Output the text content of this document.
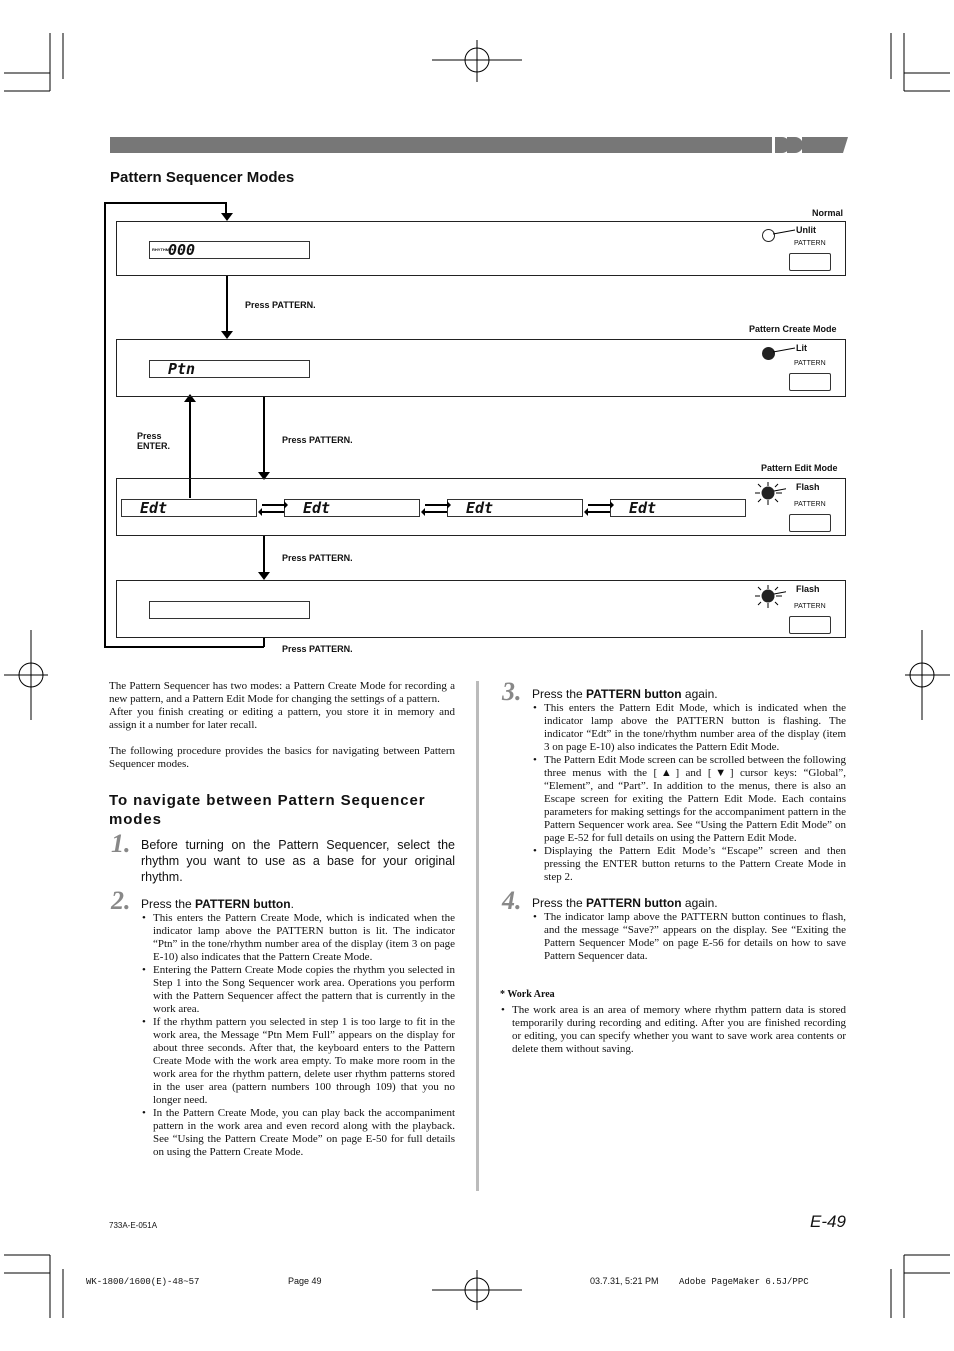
Pattern Sequencer Modes
Normal
RHYTHM
000
Unlit
PATTERN
Press PATTERN.
Pattern Create Mode
Ptn
Lit
PATTERN
Press
ENTER.
Press PATTERN.
Pattern Edit Mode
Edt	Edt	Edt	Edt
Flash
PATTERN
Press PATTERN.
Flash
PATTERN
Press PATTERN.

The Pattern Sequencer has two modes: a Pattern Create Mode for recording a new pattern, and a Pattern Edit Mode for changing the settings of a pattern.

After you finish creating or editing a pattern, you store it in memory and assign it a number for later recall.

The following procedure provides the basics for navigating between Pattern Sequencer modes.

To navigate between Pattern Sequencer modes
1. Before turning on the Pattern Sequencer, select the rhythm you want to use as a base for your original rhythm.

2. Press the PATTERN button.
• This enters the Pattern Create Mode, which is indicated when the indicator lamp above the PATTERN button is lit. The indicator “Ptn” in the tone/rhythm number area of the display (item 3 on page E-10) also indicates that the Pattern Create Mode.
• Entering the Pattern Create Mode copies the rhythm you selected in Step 1 into the Song Sequencer work area. Operations you perform with the Pattern Sequencer affect the pattern that is currently in the work area.
• If the rhythm pattern you selected in step 1 is too large to fit in the work area, the Message “Ptn Mem Full” appears on the display for about three seconds. After that, the keyboard enters to the Pattern Create Mode with the work area empty. To make more room in the work area for the rhythm pattern, delete user rhythm patterns stored in the user area (pattern numbers 100 through 109) that you no longer need.
• In the Pattern Create Mode, you can play back the accompaniment pattern in the work area and even record along with the playback. See “Using the Pattern Create Mode” on page E-50 for full details on using the Pattern Create Mode.
3. Press the PATTERN button again.
• This enters the Pattern Edit Mode, which is indicated when the indicator lamp above the PATTERN button is flashing. The indicator “Edt” in the tone/rhythm number area of the display (item 3 on page E-10) also indicates the Pattern Edit Mode.
• The Pattern Edit Mode screen can be scrolled between the following three menus with the [▲] and [▼] cursor keys: “Global”, “Element”, and “Part”. In addition to the menus, there is also an Escape screen for exiting the Pattern Edit Mode. Each contains parameters for making settings for the accompaniment pattern in the Pattern Sequencer work area. See “Using the Pattern Edit Mode” on page E-52 for full details on using the Pattern Edit Mode.
• Displaying the Pattern Edit Mode’s “Escape” screen and then pressing the ENTER button returns to the Pattern Create Mode in step 2.
4. Press the PATTERN button again.
• The indicator lamp above the PATTERN button continues to flash, and the message “Save?” appears on the display. See “Exiting the Pattern Sequencer Mode” on page E-56 for details on how to save Pattern Sequencer data.
* Work Area
• The work area is an area of memory where rhythm pattern data is stored temporarily during recording and editing. After you are finished recording or editing, you can specify whether you want to save work area contents or delete them without saving.
733A-E-051A	E-49
WK-1800/1600(E)-48~57	Page 49	03.7.31, 5:21 PM Adobe PageMaker 6.5J/PPC
